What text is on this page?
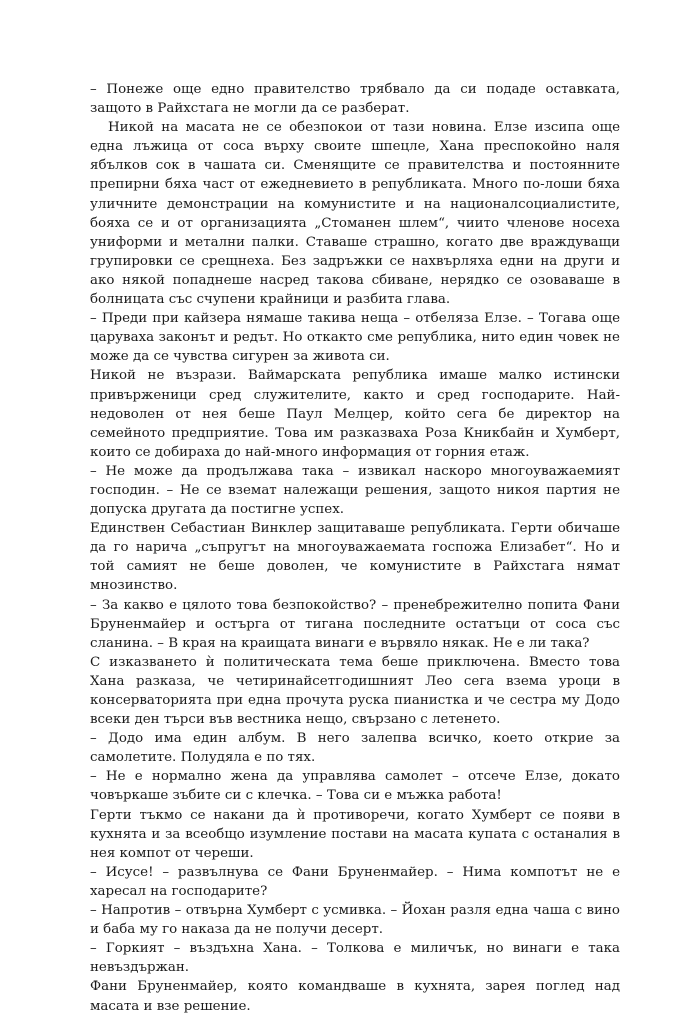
– Понеже още едно правителство трябвало да си подаде оставката, защото в Райхстага не могли да се разберат.

Никой на масата не се обезпокои от тази новина. Елзе изсипа още една лъжица от соса върху своите шпецле, Хана преспокойно наля ябълков сок в чашата си. Сменящите се правителства и постоянните препирни бяха част от ежедневието в републиката. Много по-лоши бяха уличните демонстрации на комунистите и на националсоциалистите, бояха се и от организацията „Стоманен шлем“, чиито членове носеха униформи и метални палки. Ставаше страшно, когато две враждуващи групировки се срещнеха. Без задръжки се нахвърляха едни на други и ако някой попаднеше насред такова сбиване, нерядко се озоваваше в болницата със счупени крайници и разбита глава.

– Преди при кайзера нямаше такива неща – отбеляза Елзе. – Тогава още царуваха законът и редът. Но откакто сме република, нито един човек не може да се чувства сигурен за живота си.

Никой не възрази. Ваймарската република имаше малко истински привърженици сред служителите, както и сред господарите. Най-недоволен от нея беше Паул Мелцер, който сега бе директор на семейното предприятие. Това им разказваха Роза Кникбайн и Хумберт, които се добираха до най-много информация от горния етаж.

– Не може да продължава така – извикал наскоро многоуважаемият господин. – Не се вземат належащи решения, защото никоя партия не допуска другата да постигне успех.

Единствен Себастиан Винклер защитаваше републиката. Герти обичаше да го нарича „съпругът на многоуважаемата госпожа Елизабет“. Но и той самият не беше доволен, че комунистите в Райхстага нямат мнозинство.

– За какво е цялото това безпокойство? – пренебрежително попита Фани Бруненмайер и остърга от тигана последните остатъци от соса със сланина. – В края на краищата винаги е вървяло някак. Не е ли така?

С изказването ѝ политическата тема беше приключена. Вместо това Хана разказа, че четиринайсетгодишният Лео сега взема уроци в консерваторията при една прочута руска пианистка и че сестра му Додо всеки ден търси във вестника нещо, свързано с летенето.

– Додо има един албум. В него залепва всичко, което открие за самолетите. Полудяла е по тях.

– Не е нормално жена да управлява самолет – отсече Елзе, докато човъркаше зъбите си с клечка. – Това си е мъжка работа!

Герти тъкмо се накани да ѝ противоречи, когато Хумберт се появи в кухнята и за всеобщо изумление постави на масата купата с останалия в нея компот от череши.

– Исусе! – развълнува се Фани Бруненмайер. – Нима компотът не е харесал на господарите?

– Напротив – отвърна Хумберт с усмивка. – Йохан разля една чаша с вино и баба му го наказа да не получи десерт.

– Горкият – въздъхна Хана. – Толкова е миличък, но винаги е така невъздържан.

Фани Бруненмайер, която командваше в кухнята, зарея поглед над масата и взе решение.
